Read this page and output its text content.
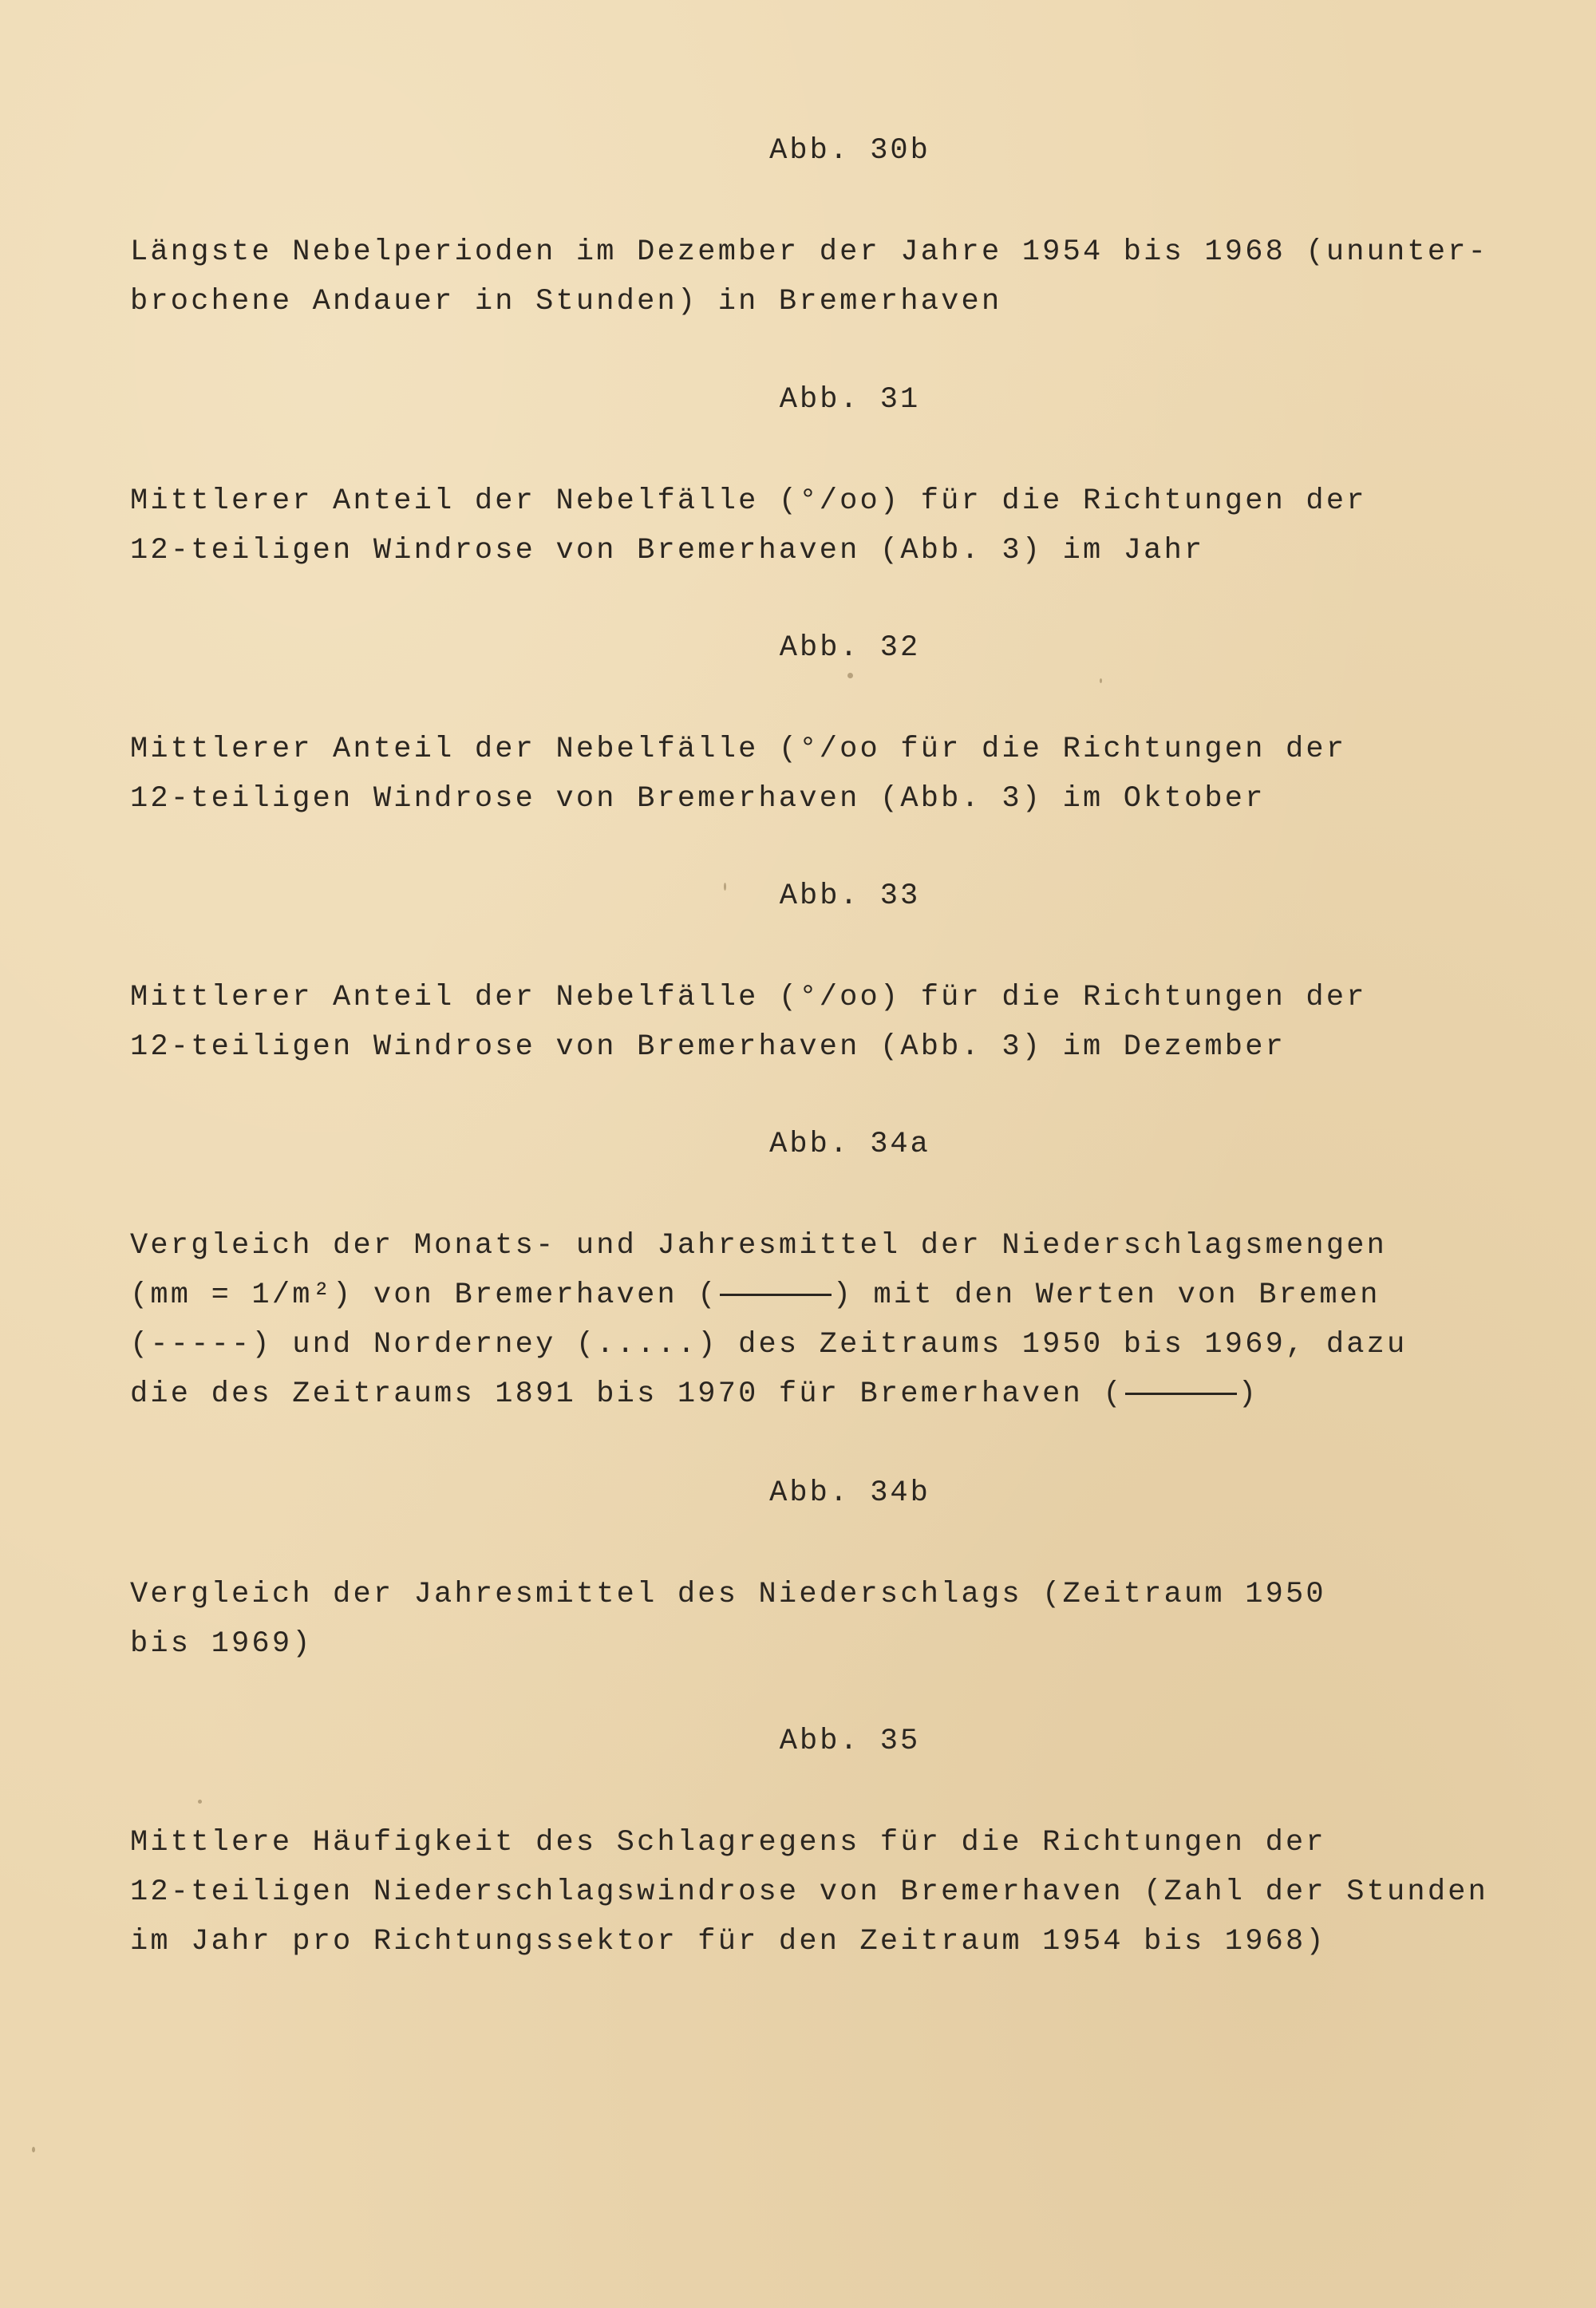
Abb. 30b
Längste Nebelperioden im Dezember der Jahre 1954 bis 1968 (ununter-
brochene Andauer in Stunden) in Bremerhaven
Abb. 31
Mittlerer Anteil der Nebelfälle (°/oo) für die Richtungen der
12-teiligen Windrose von Bremerhaven (Abb. 3) im Jahr
Abb. 32
Mittlerer Anteil der Nebelfälle (°/oo für die Richtungen der
12-teiligen Windrose von Bremerhaven (Abb. 3) im Oktober
Abb. 33
Mittlerer Anteil der Nebelfälle (°/oo) für die Richtungen der
12-teiligen Windrose von Bremerhaven (Abb. 3) im Dezember
Abb. 34a
Vergleich der Monats- und Jahresmittel der Niederschlagsmengen
(mm = 1/m²) von Bremerhaven (	) mit den Werten von Bremen
(-----) und Norderney (.....) des Zeitraums 1950 bis 1969, dazu
die des Zeitraums 1891 bis 1970 für Bremerhaven (	)
Abb. 34b
Vergleich der Jahresmittel des Niederschlags (Zeitraum 1950
bis 1969)
Abb. 35
Mittlere Häufigkeit des Schlagregens für die Richtungen der
12-teiligen Niederschlagswindrose von Bremerhaven (Zahl der Stunden
im Jahr pro Richtungssektor für den Zeitraum 1954 bis 1968)
